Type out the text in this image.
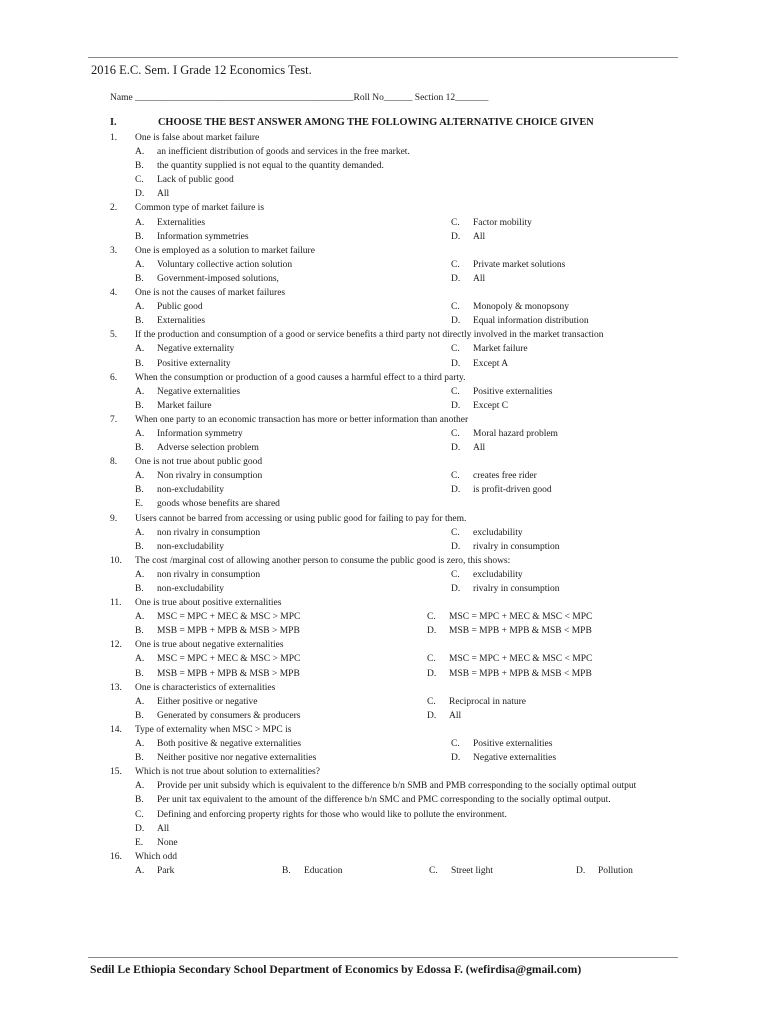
2016 E.C. Sem. I Grade 12 Economics Test.
Name ______________________________________________Roll No______ Section 12_______
I.	CHOOSE THE BEST ANSWER AMONG THE FOLLOWING ALTERNATIVE CHOICE GIVEN
1.	One is false about market failure
A.	an inefficient distribution of goods and services in the free market.
B.	the quantity supplied is not equal to the quantity demanded.
C.	Lack of public good
D.	All
2.	Common type of market failure is
A.	Externalities	C.	Factor mobility
B.	Information symmetries	D.	All
3.	One is employed as a solution to market failure
A.	Voluntary collective action solution	C.	Private market solutions
B.	Government-imposed solutions,	D.	All
4.	One is not the causes of market failures
A.	Public good	C.	Monopoly & monopsony
B.	Externalities	D.	Equal information distribution
5.	If the production and consumption of a good or service benefits a third party not directly involved in the market transaction
A.	Negative externality	C.	Market failure
B.	Positive externality	D.	Except A
6.	When the consumption or production of a good causes a harmful effect to a third party.
A.	Negative externalities	C.	Positive externalities
B.	Market failure	D.	Except C
7.	When one party to an economic transaction has more or better information than another
A.	Information symmetry	C.	Moral hazard problem
B.	Adverse selection problem	D.	All
8.	One is not true about public good
A.	Non rivalry in consumption	C.	creates free rider
B.	non-excludability	D.	is profit-driven good
E.	goods whose benefits are shared
9.	Users cannot be barred from accessing or using public good for failing to pay for them.
A.	non rivalry in consumption	C.	excludability
B.	non-excludability	D.	rivalry in consumption
10.	The cost /marginal cost of allowing another person to consume the public good is zero, this shows:
A.	non rivalry in consumption	C.	excludability
B.	non-excludability	D.	rivalry in consumption
11.	One is true about positive externalities
A.	MSC = MPC + MEC & MSC > MPC	C.	MSC = MPC + MEC & MSC < MPC
B.	MSB = MPB + MPB & MSB > MPB	D.	MSB = MPB + MPB & MSB < MPB
12.	One is true about negative externalities
A.	MSC = MPC + MEC & MSC > MPC	C.	MSC = MPC + MEC & MSC < MPC
B.	MSB = MPB + MPB & MSB > MPB	D.	MSB = MPB + MPB & MSB < MPB
13.	One is characteristics of externalities
A.	Either positive or negative	C.	Reciprocal in nature
B.	Generated by consumers & producers	D.	All
14.	Type of externality when MSC > MPC is
A.	Both positive & negative externalities	C.	Positive externalities
B.	Neither positive nor negative externalities	D.	Negative externalities
15.	Which is not true about solution to externalities?
A.	Provide per unit subsidy which is equivalent to the difference b/n SMB and PMB corresponding to the socially optimal output
B.	Per unit tax equivalent to the amount of the difference b/n SMC and PMC corresponding to the socially optimal output.
C.	Defining and enforcing property rights for those who would like to pollute the environment.
D.	All
E.	None
16.	Which odd
A.	Park	B.	Education	C.	Street light	D.	Pollution
Sedil Le Ethiopia Secondary School Department of Economics by Edossa F. (wefirdisa@gmail.com)
